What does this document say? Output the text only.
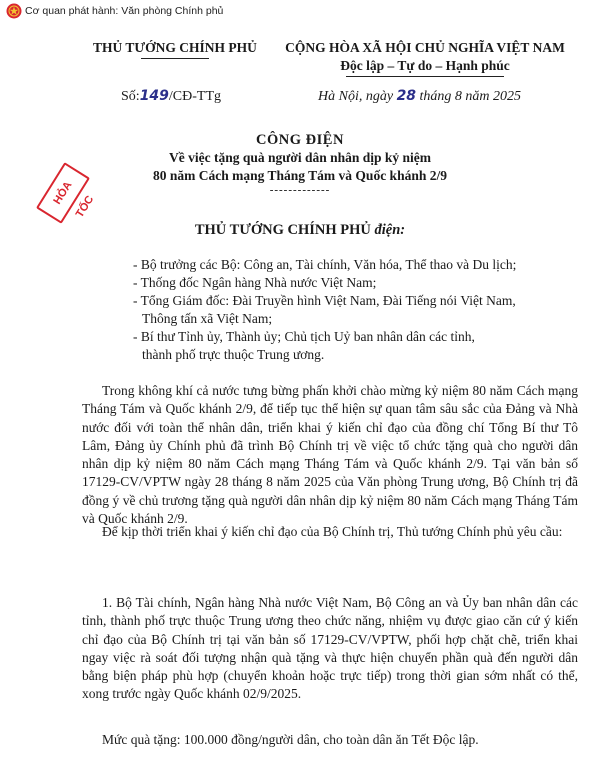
Cơ quan phát hành: Văn phòng Chính phủ
THỦ TƯỚNG CHÍNH PHỦ	CỘNG HÒA XÃ HỘI CHỦ NGHĨA VIỆT NAM
Độc lập – Tự do – Hạnh phúc
Số:149/CĐ-TTg	Hà Nội, ngày 28 tháng 8 năm 2025
CÔNG ĐIỆN
Về việc tặng quà người dân nhân dịp kỷ niệm
80 năm Cách mạng Tháng Tám và Quốc khánh 2/9
-------------
HỎA TỐC
THỦ TƯỚNG CHÍNH PHỦ điện:

- Bộ trưởng các Bộ: Công an, Tài chính, Văn hóa, Thể thao và Du lịch;

- Thống đốc Ngân hàng Nhà nước Việt Nam;

- Tổng Giám đốc: Đài Truyền hình Việt Nam, Đài Tiếng nói Việt Nam,

Thông tấn xã Việt Nam;

- Bí thư Tỉnh ủy, Thành ủy; Chủ tịch Uỷ ban nhân dân các tỉnh,

thành phố trực thuộc Trung ương.

Trong không khí cả nước tưng bừng phấn khởi chào mừng kỷ niệm 80 năm Cách mạng Tháng Tám và Quốc khánh 2/9, để tiếp tục thể hiện sự quan tâm sâu sắc của Đảng và Nhà nước đối với toàn thể nhân dân, triển khai ý kiến chỉ đạo của đồng chí Tổng Bí thư Tô Lâm, Đảng ủy Chính phủ đã trình Bộ Chính trị về việc tổ chức tặng quà cho người dân nhân dịp kỷ niệm 80 năm Cách mạng Tháng Tám và Quốc khánh 2/9. Tại văn bản số 17129-CV/VPTW ngày 28 tháng 8 năm 2025 của Văn phòng Trung ương, Bộ Chính trị đã đồng ý về chủ trương tặng quà người dân nhân dịp kỷ niệm 80 năm Cách mạng Tháng Tám và Quốc khánh 2/9.

Để kịp thời triển khai ý kiến chỉ đạo của Bộ Chính trị, Thủ tướng Chính phủ yêu cầu:

1. Bộ Tài chính, Ngân hàng Nhà nước Việt Nam, Bộ Công an và Ủy ban nhân dân các tỉnh, thành phố trực thuộc Trung ương theo chức năng, nhiệm vụ được giao căn cứ ý kiến chỉ đạo của Bộ Chính trị tại văn bản số 17129-CV/VPTW, phối hợp chặt chẽ, triển khai ngay việc rà soát đối tượng nhận quà tặng và thực hiện chuyển phần quà đến người dân bằng biện pháp phù hợp (chuyển khoản hoặc trực tiếp) trong thời gian sớm nhất có thể, xong trước ngày Quốc khánh 02/9/2025.

Mức quà tặng: 100.000 đồng/người dân, cho toàn dân ăn Tết Độc lập.
